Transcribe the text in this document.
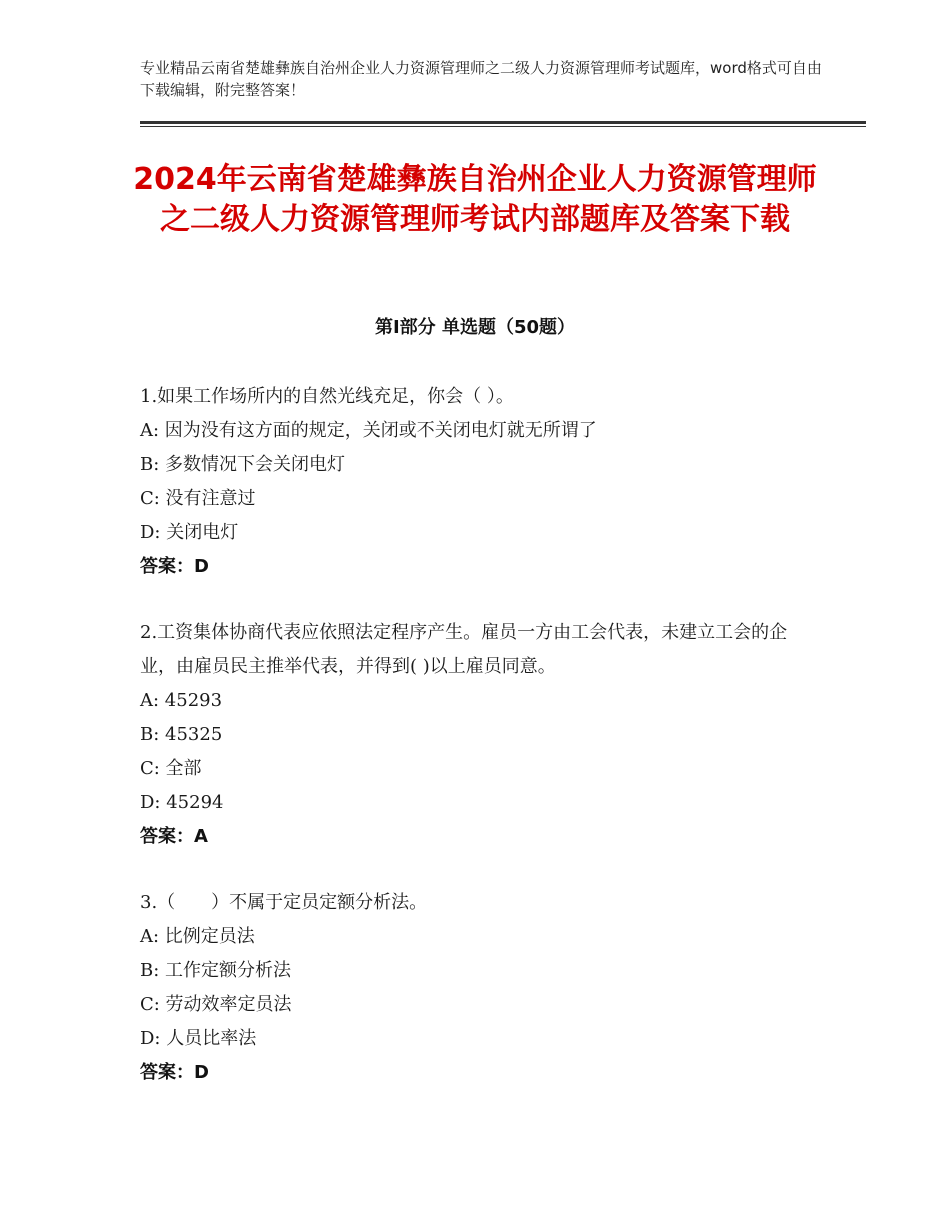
专业精品云南省楚雄彝族自治州企业人力资源管理师之二级人力资源管理师考试题库，word格式可自由下载编辑，附完整答案！
2024年云南省楚雄彝族自治州企业人力资源管理师之二级人力资源管理师考试内部题库及答案下载
第Ⅰ部分 单选题（50题）
1.如果工作场所内的自然光线充足，你会（ ）。
A: 因为没有这方面的规定，关闭或不关闭电灯就无所谓了
B: 多数情况下会关闭电灯
C: 没有注意过
D: 关闭电灯
答案：D
2.工资集体协商代表应依照法定程序产生。雇员一方由工会代表，未建立工会的企业，由雇员民主推举代表，并得到( )以上雇员同意。
A: 45293
B: 45325
C: 全部
D: 45294
答案：A
3.（　　）不属于定员定额分析法。
A: 比例定员法
B: 工作定额分析法
C: 劳动效率定员法
D: 人员比率法
答案：D
